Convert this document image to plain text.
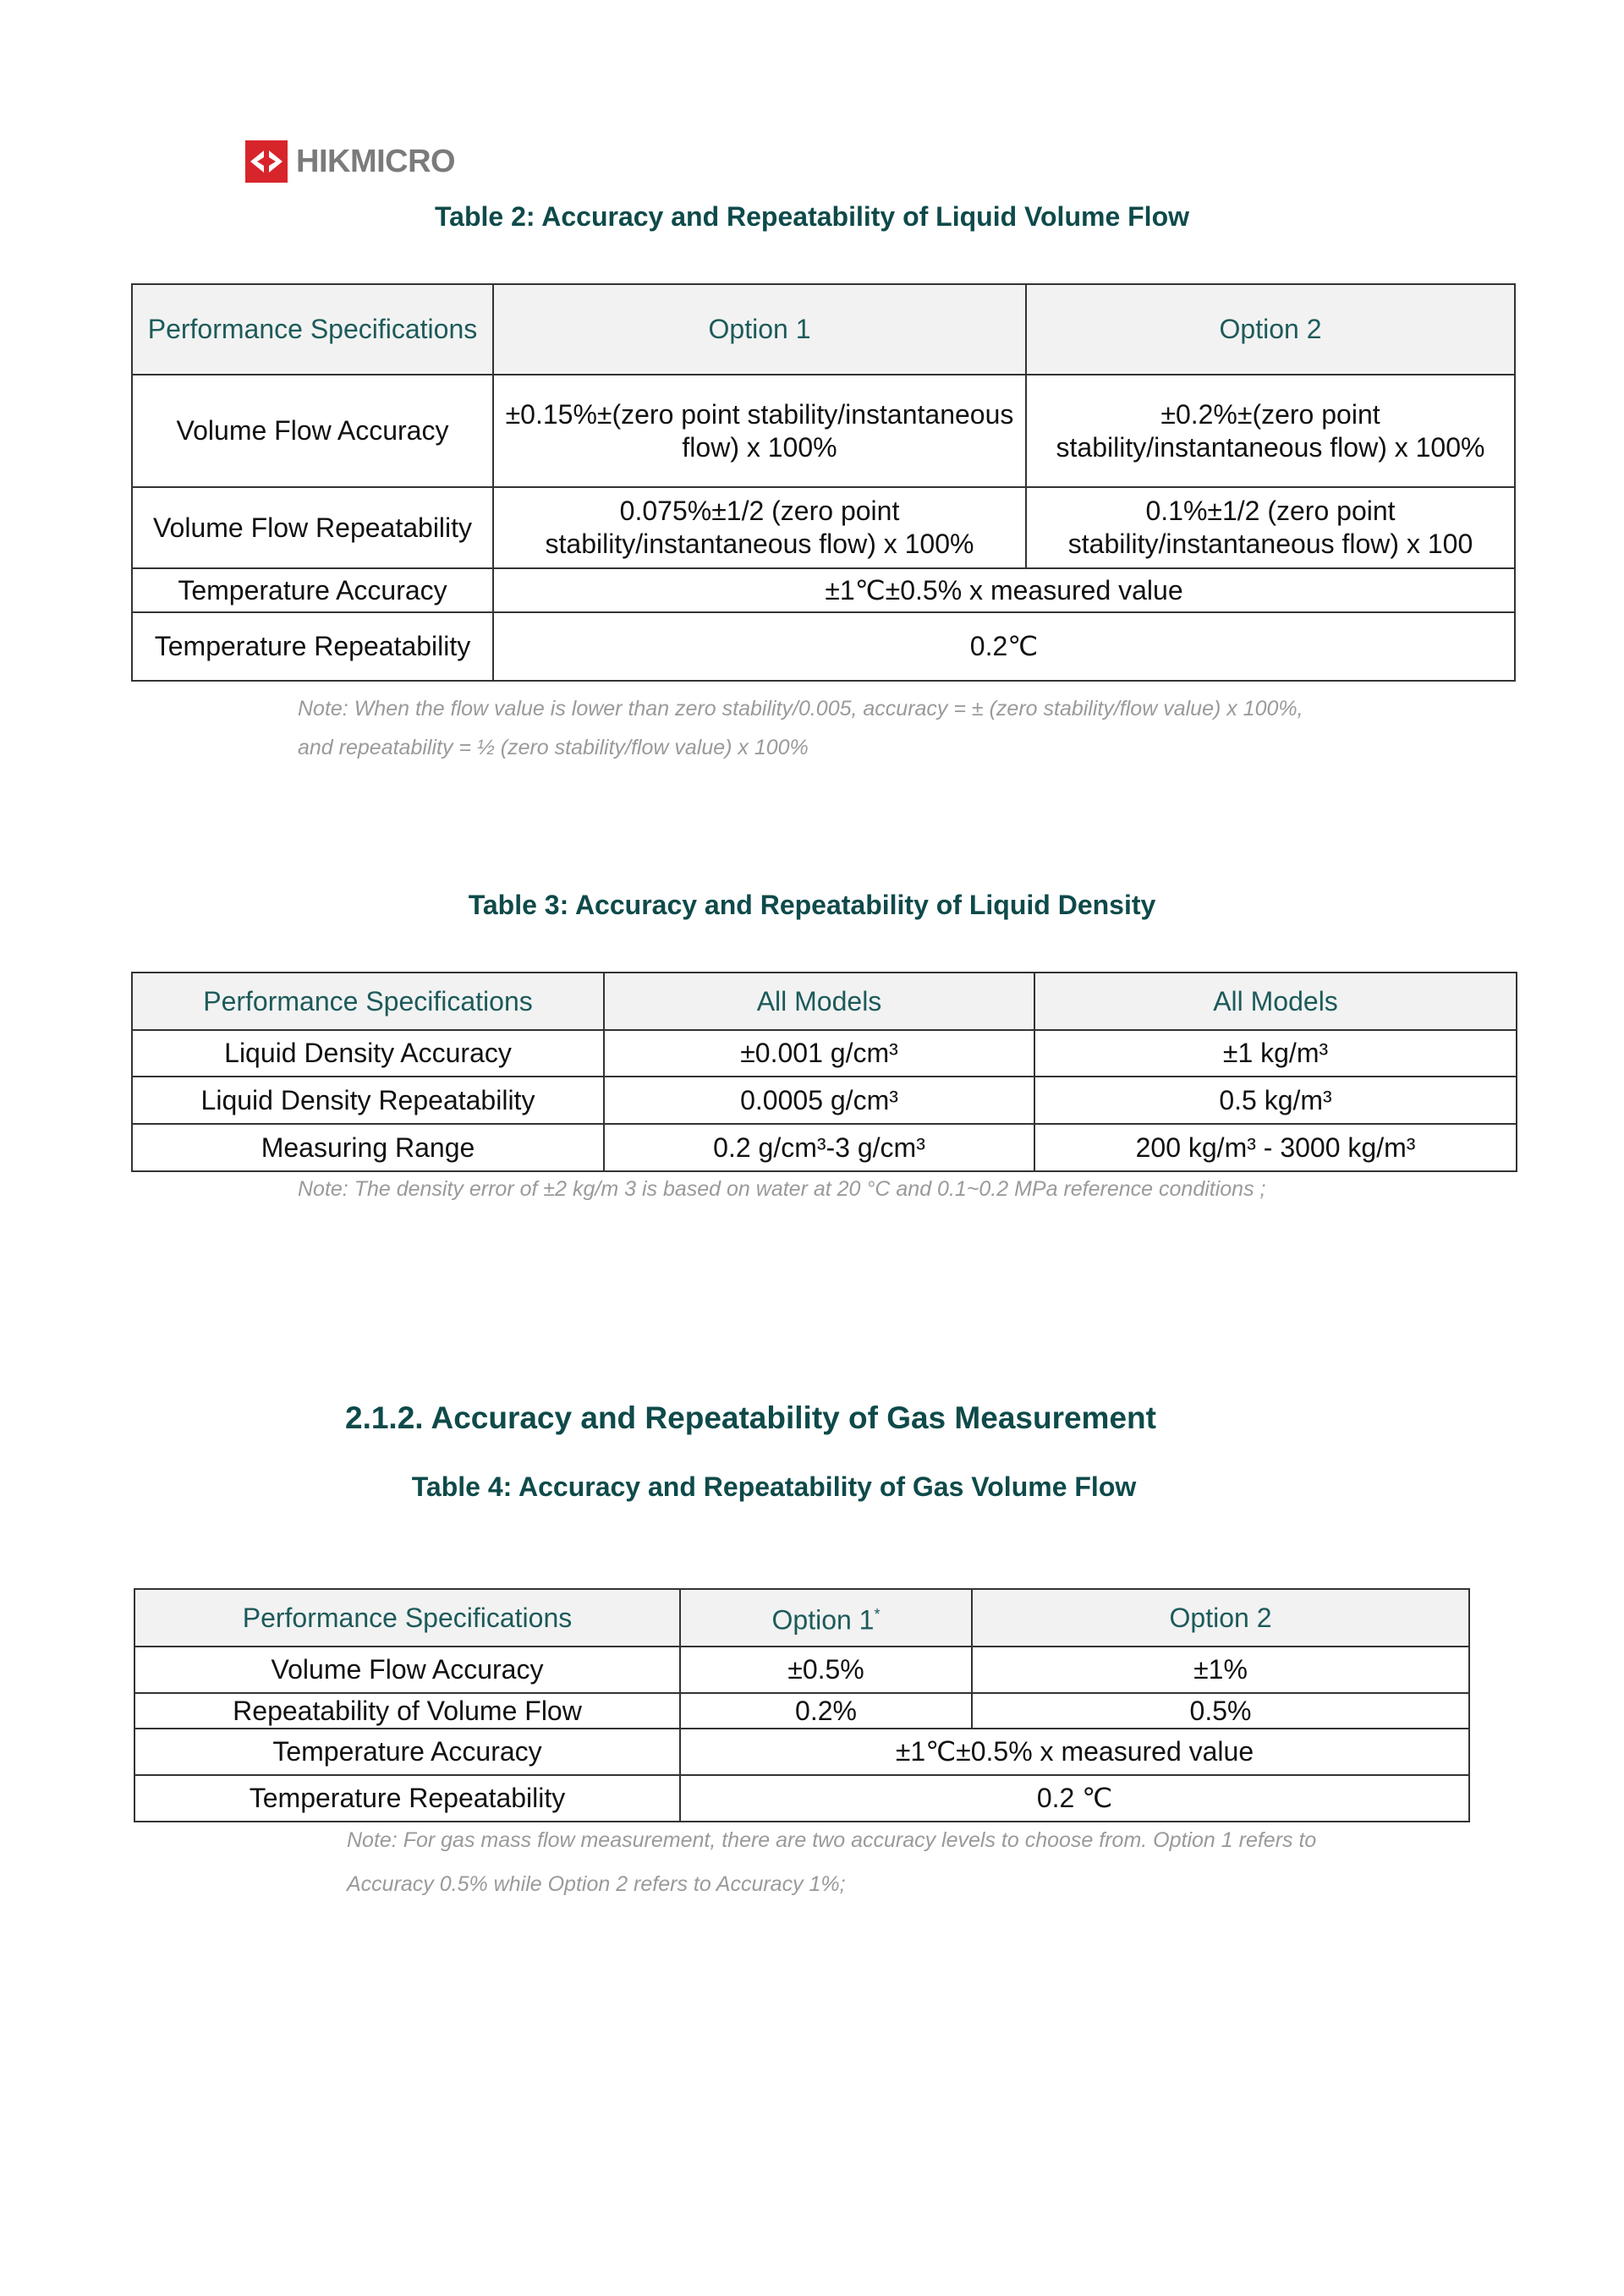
HIKMICRO
Table 2: Accuracy and Repeatability of Liquid Volume Flow
Performance Specifications	Option 1	Option 2
Volume Flow Accuracy	±0.15%±(zero point stability/instantaneous flow) x 100%	±0.2%±(zero point stability/instantaneous flow) x 100%
Volume Flow Repeatability	0.075%±1/2 (zero point stability/instantaneous flow) x 100%	0.1%±1/2 (zero point stability/instantaneous flow) x 100
Temperature Accuracy	±1℃±0.5% x measured value	
Temperature Repeatability	0.2℃	
Note: When the flow value is lower than zero stability/0.005, accuracy = ± (zero stability/flow value) x 100%,
and repeatability = ½ (zero stability/flow value) x 100%
Table 3: Accuracy and Repeatability of Liquid Density
Performance Specifications	All Models	All Models
Liquid Density Accuracy	±0.001 g/cm³	±1 kg/m³
Liquid Density Repeatability	0.0005 g/cm³	0.5 kg/m³
Measuring Range	0.2 g/cm³-3 g/cm³	200 kg/m³ - 3000 kg/m³
Note: The density error of ±2 kg/m 3 is based on water at 20 °C and 0.1~0.2 MPa reference conditions ;
2.1.2. Accuracy and Repeatability of Gas Measurement
Table 4: Accuracy and Repeatability of Gas Volume Flow
Performance Specifications	Option 1*	Option 2
Volume Flow Accuracy	±0.5%	±1%
Repeatability of Volume Flow	0.2%	0.5%
Temperature Accuracy	±1℃±0.5% x measured value	
Temperature Repeatability	0.2 ℃	
Note: For gas mass flow measurement, there are two accuracy levels to choose from. Option 1 refers to
Accuracy 0.5% while Option 2 refers to Accuracy 1%;
